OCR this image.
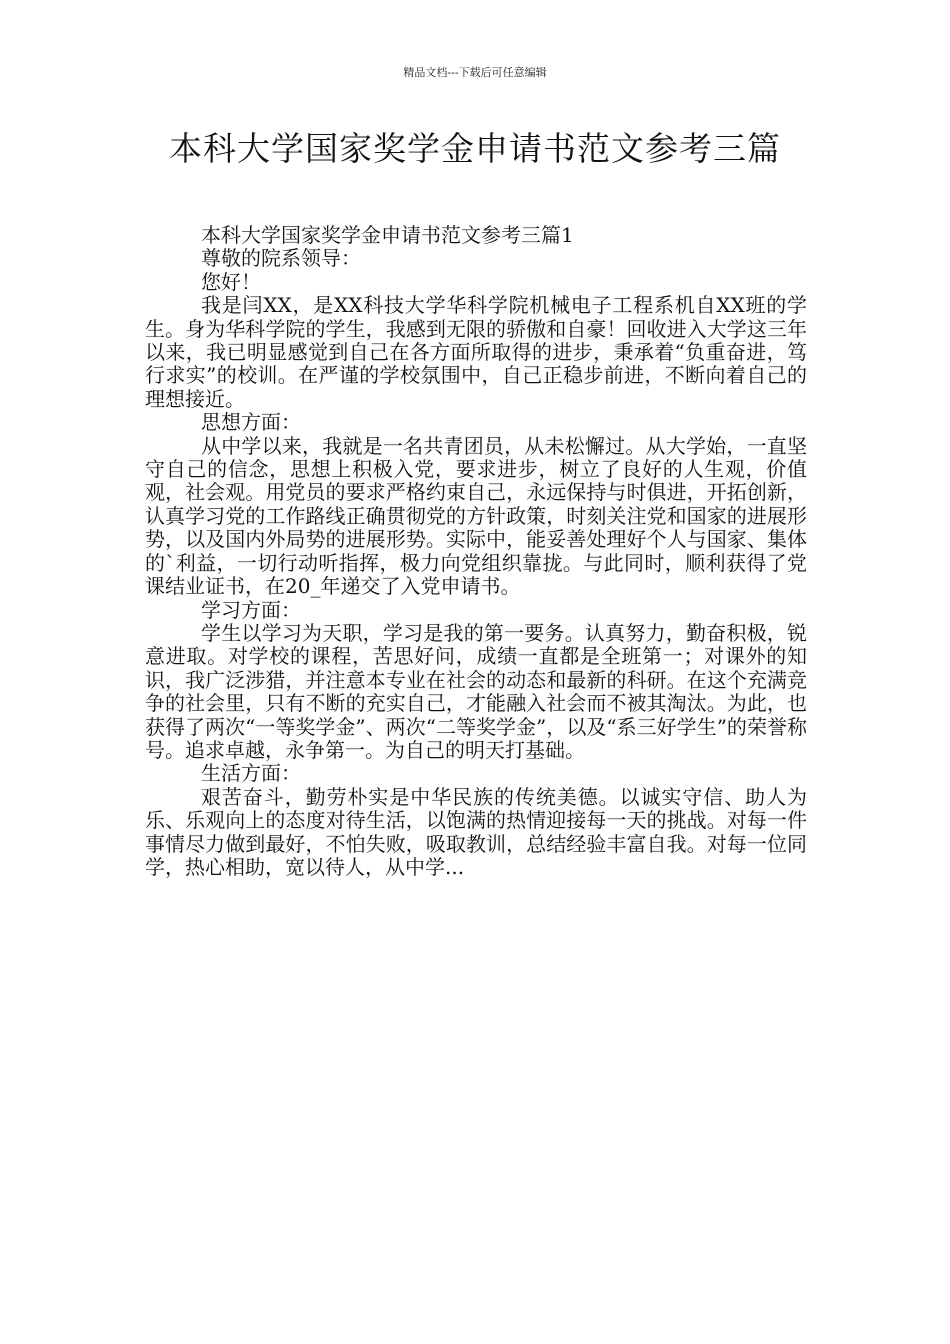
精品文档---下载后可任意编辑
本科大学国家奖学金申请书范文参考三篇

本科大学国家奖学金申请书范文参考三篇1

尊敬的院系领导：

您好！

我是闫XX，是XX科技大学华科学院机械电子工程系机自XX班的学生。身为华科学院的学生，我感到无限的骄傲和自豪！回收进入大学这三年以来，我已明显感觉到自己在各方面所取得的进步，秉承着“负重奋进，笃行求实”的校训。在严谨的学校氛围中，自己正稳步前进，不断向着自己的理想接近。

思想方面：

从中学以来，我就是一名共青团员，从未松懈过。从大学始，一直坚守自己的信念，思想上积极入党，要求进步，树立了良好的人生观，价值观，社会观。用党员的要求严格约束自己，永远保持与时俱进，开拓创新，认真学习党的工作路线正确贯彻党的方针政策，时刻关注党和国家的进展形势，以及国内外局势的进展形势。实际中，能妥善处理好个人与国家、集体的`利益，一切行动听指挥，极力向党组织靠拢。与此同时，顺利获得了党课结业证书，在20_年递交了入党申请书。

学习方面：

学生以学习为天职，学习是我的第一要务。认真努力，勤奋积极，锐意进取。对学校的课程，苦思好问，成绩一直都是全班第一；对课外的知识，我广泛涉猎，并注意本专业在社会的动态和最新的科研。在这个充满竞争的社会里，只有不断的充实自己，才能融入社会而不被其淘汰。为此，也获得了两次“一等奖学金”、两次“二等奖学金”，以及“系三好学生”的荣誉称号。追求卓越，永争第一。为自己的明天打基础。

生活方面：

艰苦奋斗，勤劳朴实是中华民族的传统美德。以诚实守信、助人为乐、乐观向上的态度对待生活，以饱满的热情迎接每一天的挑战。对每一件事情尽力做到最好，不怕失败，吸取教训，总结经验丰富自我。对每一位同学，热心相助，宽以待人，从中学...
